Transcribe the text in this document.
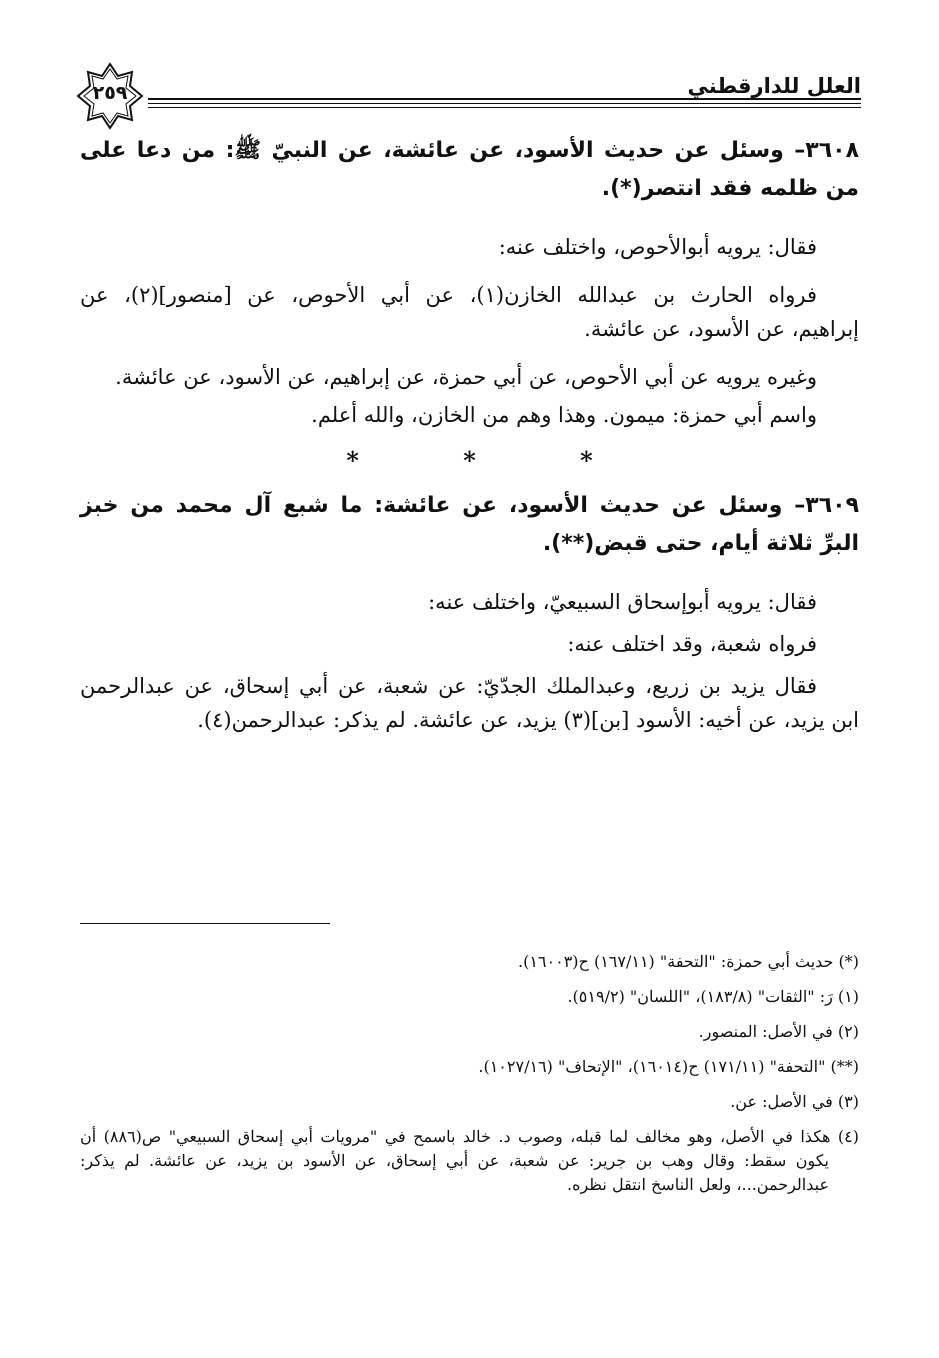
العلل للدارقطني
٢٥٩
٣٦٠٨– وسئل عن حديث الأسود، عن عائشة، عن النبيّ ﷺ: من دعا على
من ظلمه فقد انتصر(*).
فقال: يرويه أبوالأحوص، واختلف عنه:
فرواه الحارث بن عبدالله الخازن(١)، عن أبي الأحوص، عن [منصور](٢)، عن
إبراهيم، عن الأسود، عن عائشة.
وغيره يرويه عن أبي الأحوص، عن أبي حمزة، عن إبراهيم، عن الأسود، عن عائشة.
واسم أبي حمزة: ميمون. وهذا وهم من الخازن، والله أعلم.
* * *
٣٦٠٩– وسئل عن حديث الأسود، عن عائشة: ما شبع آل محمد من خبز
البرِّ ثلاثة أيام، حتى قبض(**).
فقال: يرويه أبوإسحاق السبيعيّ، واختلف عنه:
فرواه شعبة، وقد اختلف عنه:
فقال يزيد بن زريع، وعبدالملك الجدّيّ: عن شعبة، عن أبي إسحاق، عن عبدالرحمن
ابن يزيد، عن أخيه: الأسود [بن](٣) يزيد، عن عائشة. لم يذكر: عبدالرحمن(٤).
(*) حديث أبي حمزة: "التحفة" (١٦٧/١١) ح(١٦٠٠٣).
(١) رَ: "الثقات" (١٨٣/٨)، "اللسان" (٥١٩/٢).
(٢) في الأصل: المنصور.
(**) "التحفة" (١٧١/١١) ح(١٦٠١٤)، "الإتحاف" (١٠٢٧/١٦).
(٣) في الأصل: عن.
(٤) هكذا في الأصل، وهو مخالف لما قبله، وصوب د. خالد باسمح في "مرويات أبي إسحاق السبيعي" ص(٨٨٦) أن
يكون سقط: وقال وهب بن جرير: عن شعبة، عن أبي إسحاق، عن الأسود بن يزيد، عن عائشة. لم يذكر:
عبدالرحمن...، ولعل الناسخ انتقل نظره.
